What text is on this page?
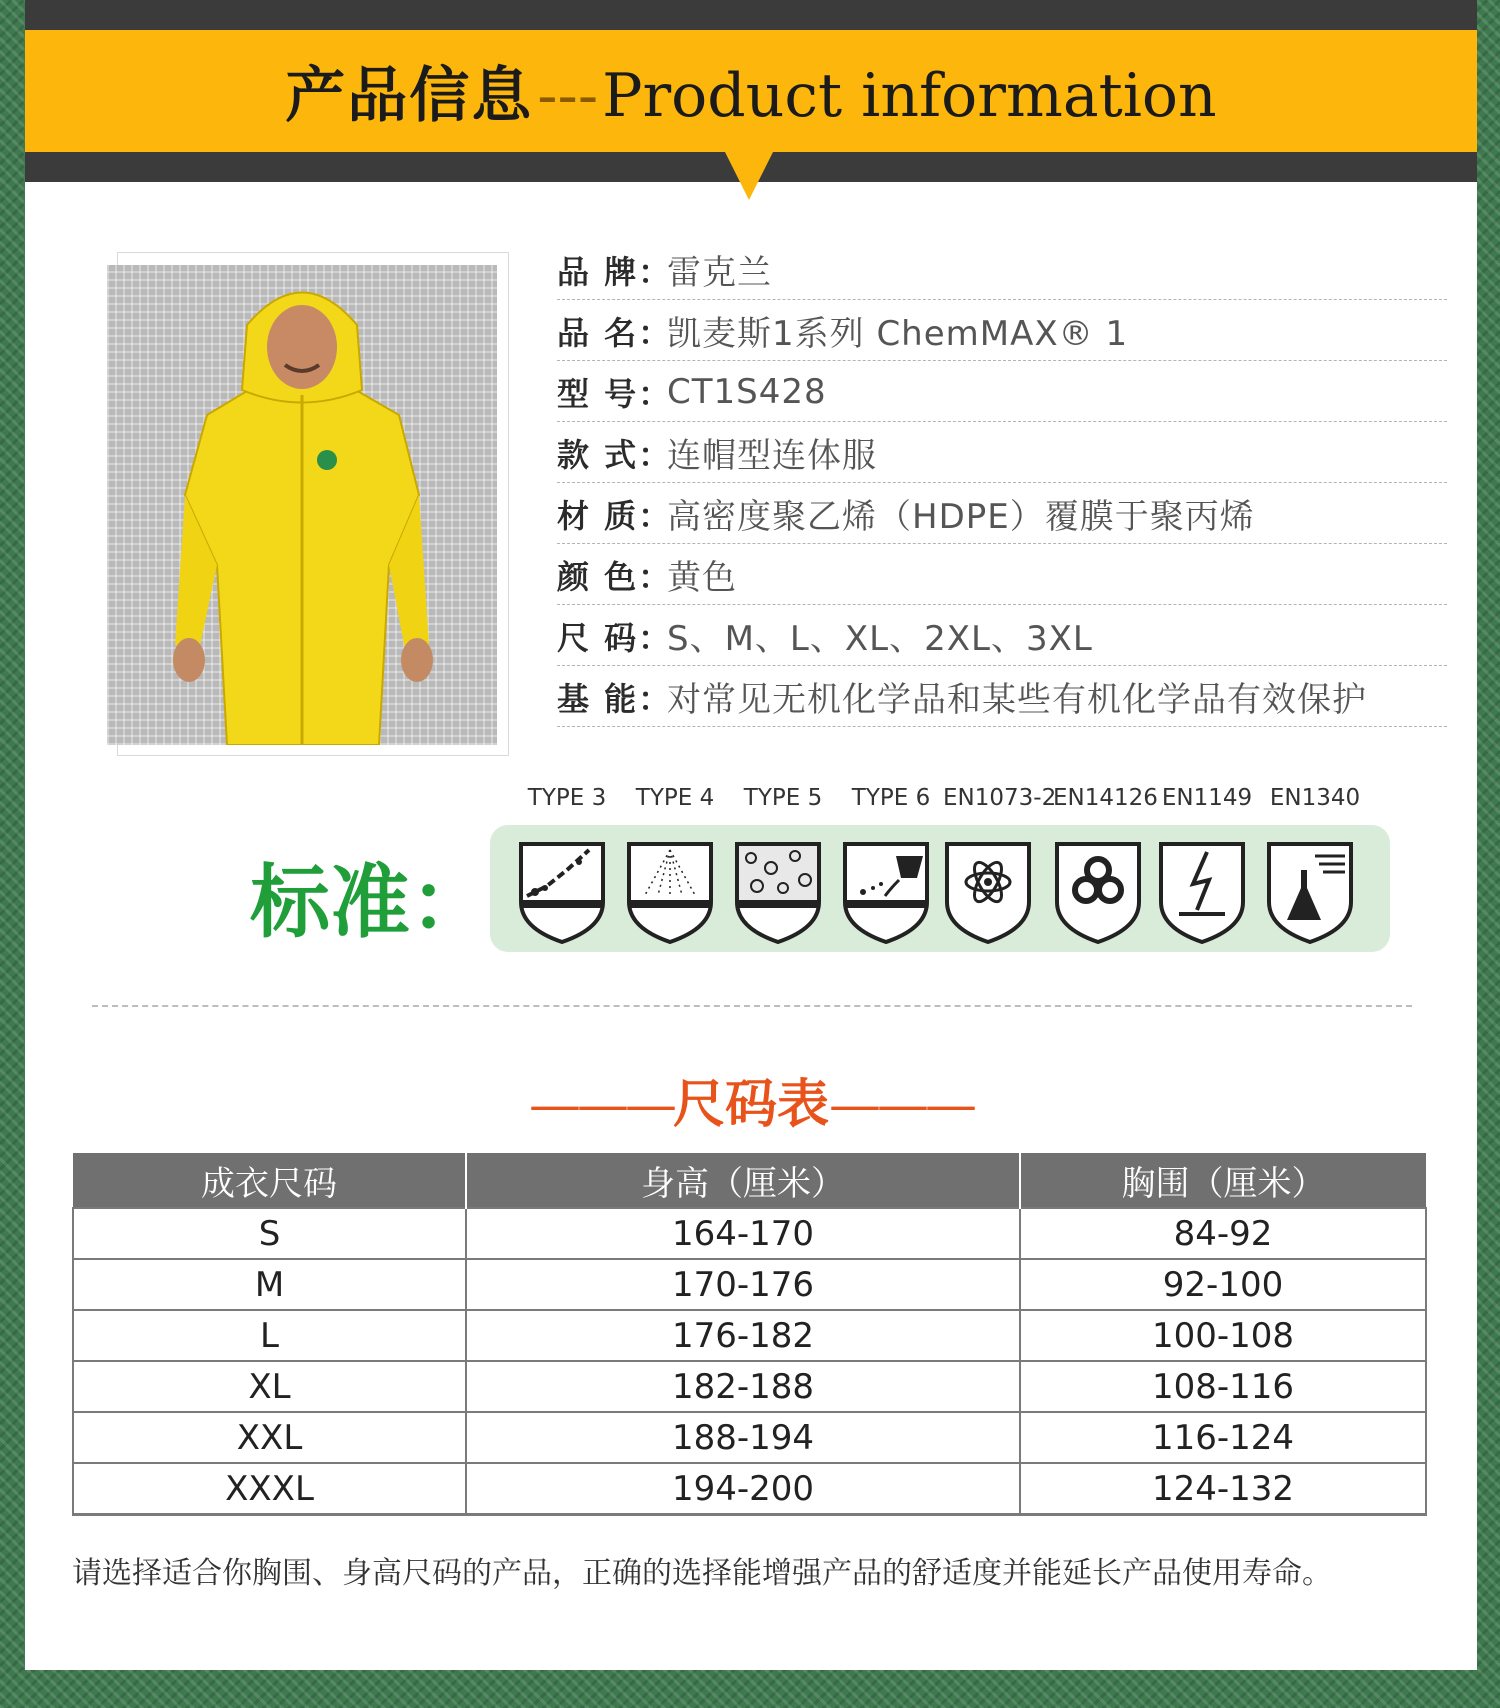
产品信息---Product information
品 牌：
雷克兰
品 名：
凯麦斯1系列 ChemMAX® 1
型 号：
CT1S428
款 式：
连帽型连体服
材 质：
高密度聚乙烯（HDPE）覆膜于聚丙烯
颜 色：
黄色
尺 码：
S、M、L、XL、2XL、3XL
基 能：
对常见无机化学品和某些有机化学品有效保护
标准：
TYPE 3	TYPE 4	TYPE 5	TYPE 6 EN1073-2
EN14126 EN1149 EN1340
———尺码表———
成衣尺码	身高（厘米）	胸围（厘米）
S	164-170	84-92
M	170-176	92-100
L	176-182	100-108
XL	182-188	108-116
XXL	188-194	116-124
XXXL	194-200	124-132
请选择适合你胸围、身高尺码的产品，正确的选择能增强产品的舒适度并能延长产品使用寿命。
